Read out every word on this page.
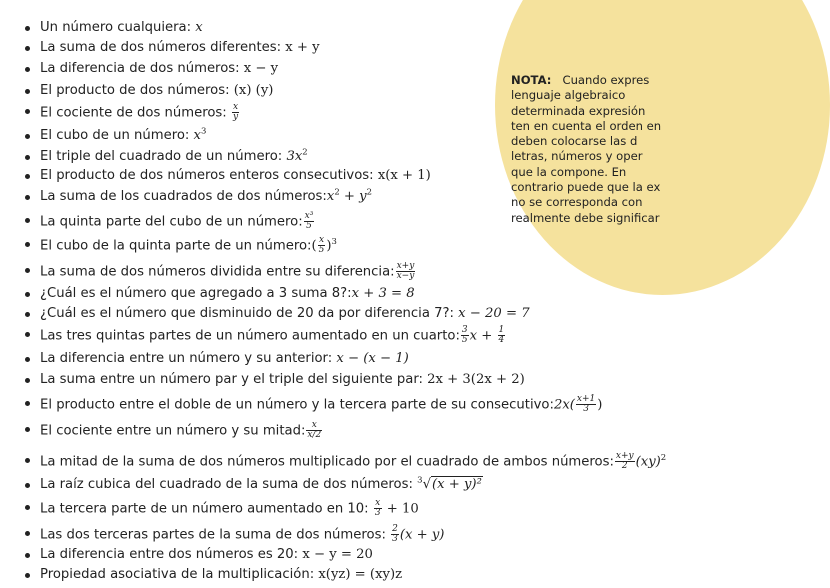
NOTA: Cuando expres
lenguaje algebraico
determinada expresión
ten en cuenta el orden en
deben colocarse las d
letras, números y oper
que la compone. En
contrario puede que la ex
no se corresponda con
realmente debe significar
Un número cualquiera: x
La suma de dos números diferentes: x + y
La diferencia de dos números: x − y
El producto de dos números: (x) (y)
El cociente de dos números: $\frac{x}{y}$
El cubo de un número: $x^3$
El triple del cuadrado de un número: $3x^2$
El producto de dos números enteros consecutivos: x(x + 1)
La suma de los cuadrados de dos $números:x^2 + y^2$
La quinta parte del cubo de un número: $\frac{\text{x³}}{5}$
El cubo de la quinta parte de un número:( $\frac{x}{5} )^3$
La suma de dos números dividida entre su diferencia: $\frac{x+y}{x-y}$
¿Cuál es el número que agregado a 3 suma 8?:x + 3 = 8
¿Cuál es el número que disminuido de 20 da por diferencia 7?: x − 20 = 7
Las tres quintas partes de un número aumentado en un cuarto: $\frac{3}{5}$ $x + \frac{1}{4}$
La diferencia entre un número y su anterior: x − (x − 1)
La suma entre un número par y el triple del siguiente par: 2x + 3(2x + 2)
El producto entre el doble de un número y la tercera parte de su consecutivo:2x( $\frac{x+1}{3}$ )
El cociente entre un número y su mitad: $\frac{x}{x/2}$
La mitad de la suma de dos números multiplicado por el cuadrado de ambos números: $\frac{x+y}{2} (xy)^2$
La raíz cubica del cuadrado de la suma de dos números: $^3$√(x + y)²
La tercera parte de un número aumentado en 10: $\frac{x}{3} + 10$
Las dos terceras partes de la suma de dos números: $\frac{2}{3} (x + y)$
La diferencia entre dos números es 20: x − y = 20
Propiedad asociativa de la multiplicación: x(yz) = (xy)z
